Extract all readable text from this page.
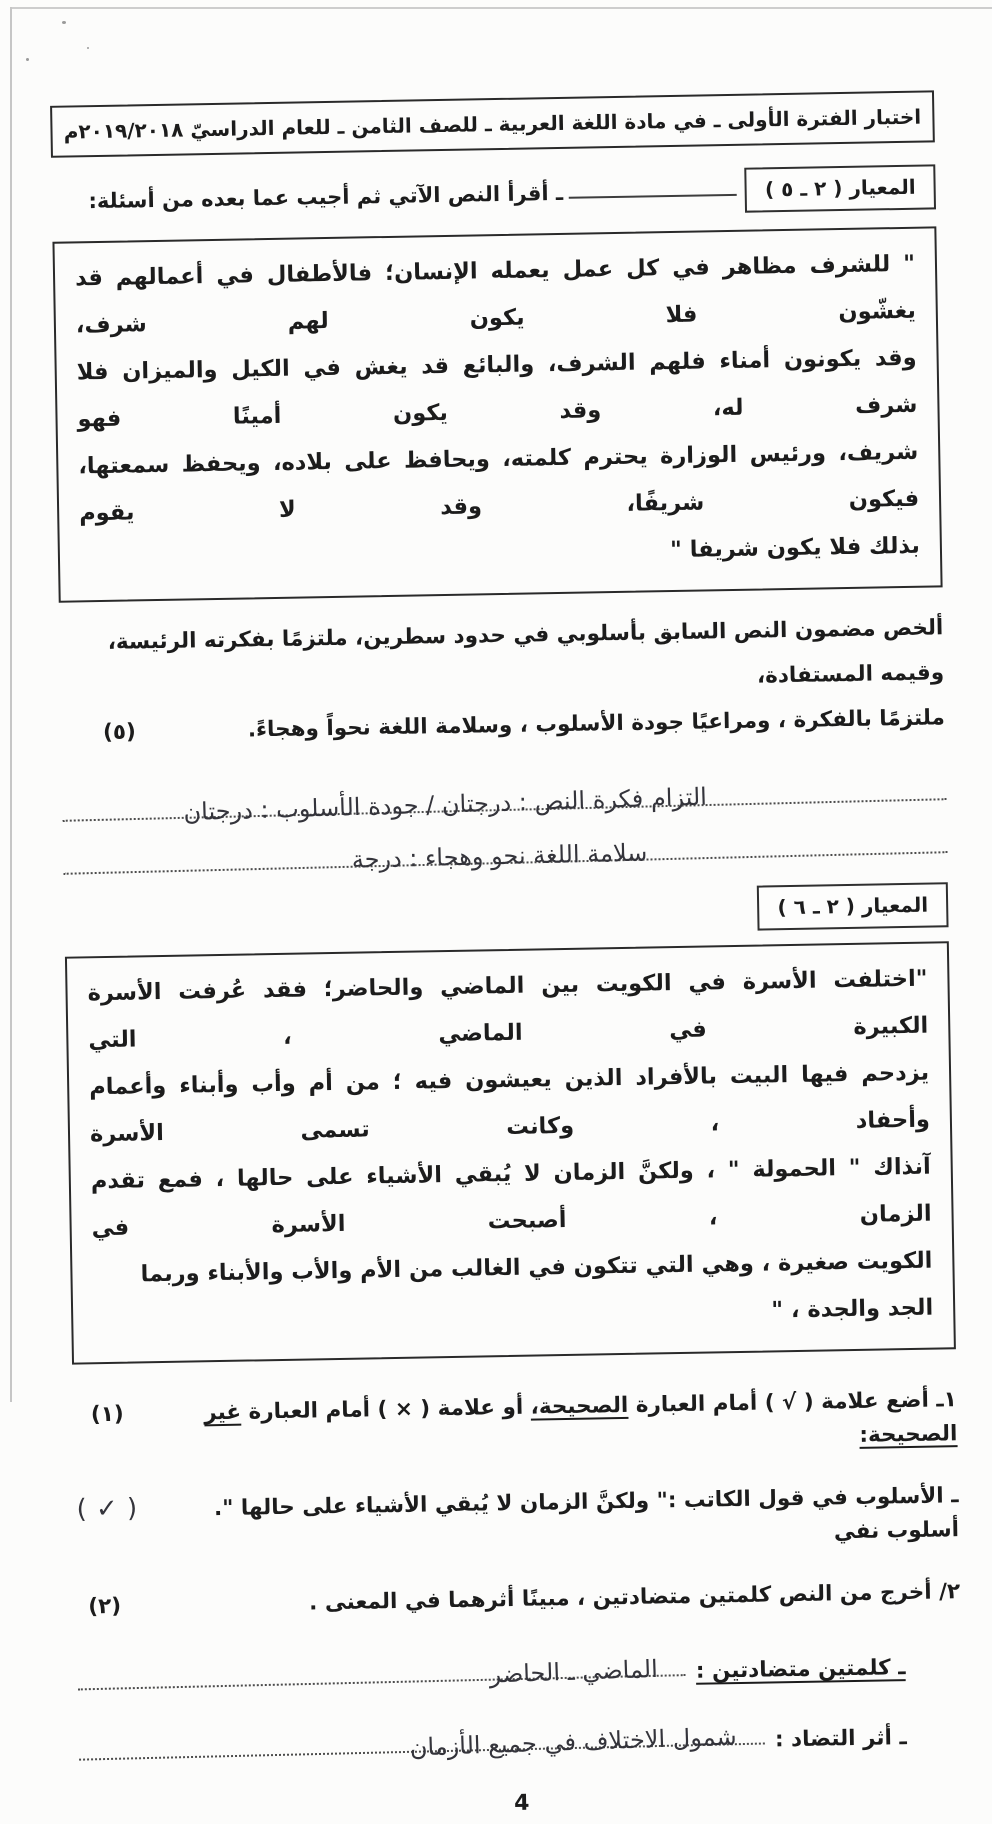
اختبار الفترة الأولى ـ في مادة اللغة العربية ـ للصف الثامن ـ للعام الدراسيّ ٢٠١٩/٢٠١٨م
المعيار ( ٢ ـ ٥ )
ـ أقرأ النص الآتي ثم أجيب عما بعده من أسئلة:
" للشرف مظاهر في كل عمل يعمله الإنسان؛ فالأطفال في أعمالهم قد يغشّون فلا يكون لهم شرف،
وقد يكونون أمناء فلهم الشرف، والبائع قد يغش في الكيل والميزان فلا شرف له، وقد يكون أمينًا فهو
شريف، ورئيس الوزارة يحترم كلمته، ويحافظ على بلاده، ويحفظ سمعتها، فيكون شريفًا، وقد لا يقوم
بذلك فلا يكون شريفا "
ألخص مضمون النص السابق بأسلوبي في حدود سطرين، ملتزمًا بفكرته الرئيسة، وقيمه المستفادة،
ملتزمًا بالفكرة ، ومراعيًا جودة الأسلوب ، وسلامة اللغة نحواً وهجاءً.
(٥)
التزام فكرة النص : درجتان / جودة الأسلوب : درجتان
سلامة اللغة نحو وهجاء : درجة
المعيار ( ٢ ـ ٦ )
"اختلفت الأسرة في الكويت بين الماضي والحاضر؛ فقد عُرفت الأسرة الكبيرة في الماضي ، التي
يزدحم فيها البيت بالأفراد الذين يعيشون فيه ؛ من أم وأب وأبناء وأعمام وأحفاد ، وكانت تسمى الأسرة
آنذاك " الحمولة " ، ولكنَّ الزمان لا يُبقي الأشياء على حالها ، فمع تقدم الزمان ، أصبحت الأسرة في
الكويت صغيرة ، وهي التي تتكون في الغالب من الأم والأب والأبناء وربما الجد والجدة ، "
١ـ أضع علامة ( √ ) أمام العبارة الصحيحة، أو علامة ( × ) أمام العبارة غير الصحيحة:
(١)
ـ الأسلوب في قول الكاتب :" ولكنَّ الزمان لا يُبقي الأشياء على حالها ". أسلوب نفي
( ✓ )
٢/ أخرج من النص كلمتين متضادتين ، مبينًا أثرهما في المعنى .
(٢)
ـ كلمتين متضادتين :
الماضي ـ الحاضر
ـ أثر التضاد :
شمول الاختلاف في جميع الأزمان
4
